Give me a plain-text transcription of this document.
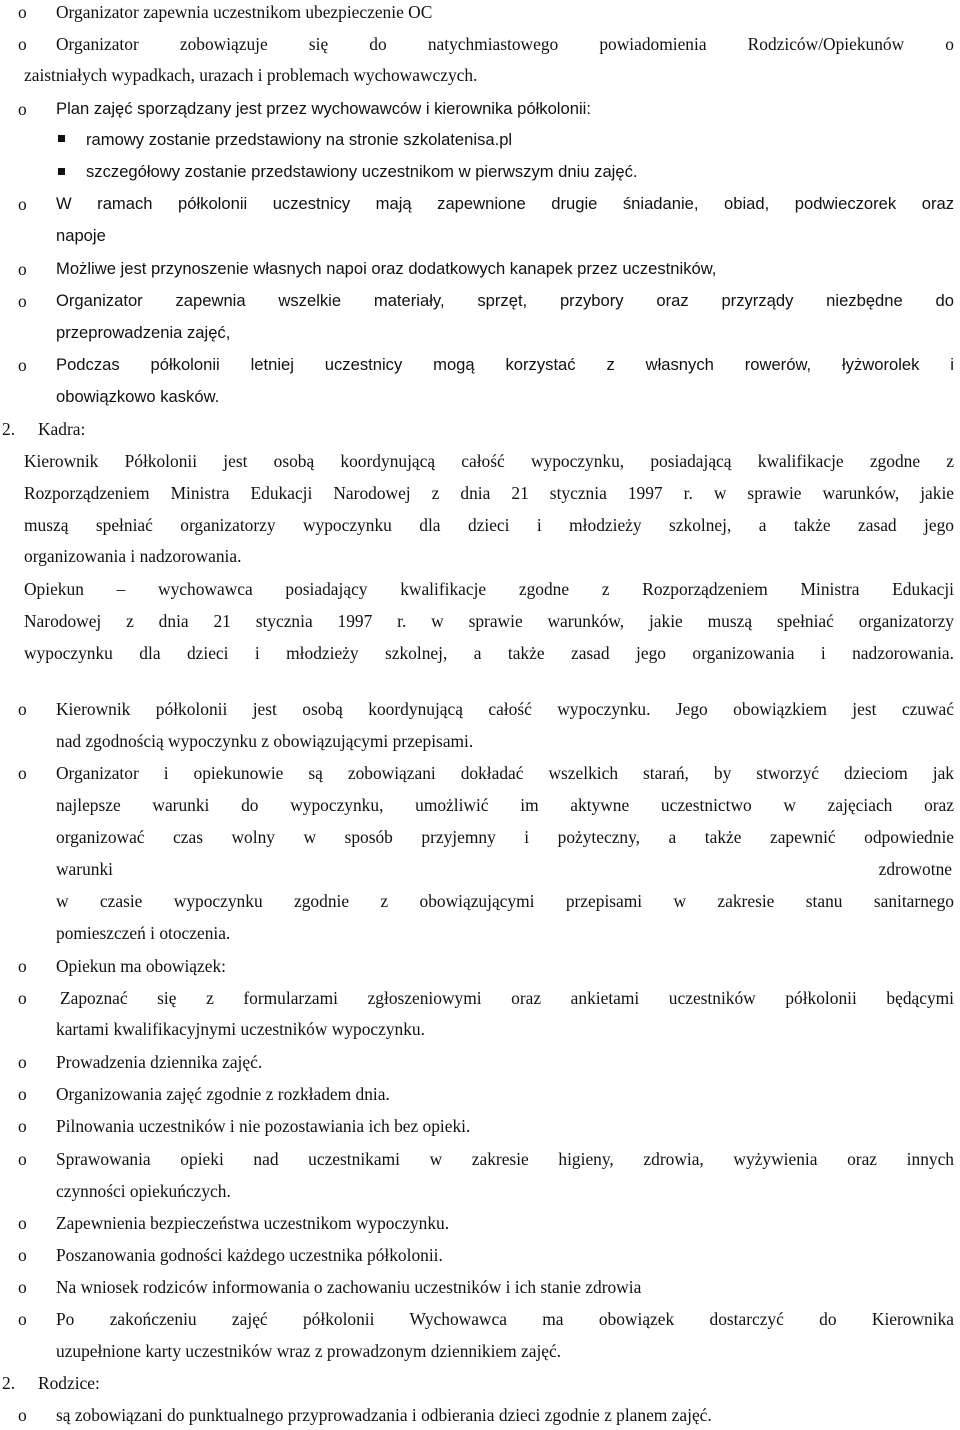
o Organizator zapewnia uczestnikom ubezpieczenie OC
o Organizator zobowiązuje się do natychmiastowego powiadomienia Rodziców/Opiekunów o
zaistniałych wypadkach, urazach i problemach wychowawczych.
o Plan zajęć sporządzany jest przez wychowawców i kierownika półkolonii:
ramowy zostanie przedstawiony na stronie szkolatenisa.pl
szczegółowy zostanie przedstawiony uczestnikom w pierwszym dniu zajęć.
o W ramach półkolonii uczestnicy mają zapewnione drugie śniadanie, obiad, podwieczorek oraz
napoje
o Możliwe jest przynoszenie własnych napoi oraz dodatkowych kanapek przez uczestników,
o Organizator zapewnia wszelkie materiały, sprzęt, przybory oraz przyrządy niezbędne do
przeprowadzenia zajęć,
o Podczas półkolonii letniej uczestnicy mogą korzystać z własnych rowerów, łyżworolek i
obowiązkowo kasków.
2. Kadra:
Kierownik Półkolonii jest osobą koordynującą całość wypoczynku, posiadającą kwalifikacje zgodne z
Rozporządzeniem Ministra Edukacji Narodowej z dnia 21 stycznia 1997 r. w sprawie warunków, jakie
muszą spełniać organizatorzy wypoczynku dla dzieci i młodzieży szkolnej, a także zasad jego
organizowania i nadzorowania.
Opiekun – wychowawca posiadający kwalifikacje zgodne z Rozporządzeniem Ministra Edukacji
Narodowej z dnia 21 stycznia 1997 r. w sprawie warunków, jakie muszą spełniać organizatorzy
wypoczynku dla dzieci i młodzieży szkolnej, a także zasad jego organizowania i nadzorowania.
o Kierownik półkolonii jest osobą koordynującą całość wypoczynku. Jego obowiązkiem jest czuwać
nad zgodnością wypoczynku z obowiązującymi przepisami.
o Organizator i opiekunowie są zobowiązani dokładać wszelkich starań, by stworzyć dzieciom jak
najlepsze warunki do wypoczynku, umożliwić im aktywne uczestnictwo w zajęciach oraz
organizować czas wolny w sposób przyjemny i pożyteczny, a także zapewnić odpowiednie
warunki	zdrowotne
w czasie wypoczynku zgodnie z obowiązującymi przepisami w zakresie stanu sanitarnego
pomieszczeń i otoczenia.
o Opiekun ma obowiązek:
o Zapoznać się z formularzami zgłoszeniowymi oraz ankietami uczestników półkolonii będącymi
kartami kwalifikacyjnymi uczestników wypoczynku.
o Prowadzenia dziennika zajęć.
o Organizowania zajęć zgodnie z rozkładem dnia.
o Pilnowania uczestników i nie pozostawiania ich bez opieki.
o Sprawowania opieki nad uczestnikami w zakresie higieny, zdrowia, wyżywienia oraz innych
czynności opiekuńczych.
o Zapewnienia bezpieczeństwa uczestnikom wypoczynku.
o Poszanowania godności każdego uczestnika półkolonii.
o Na wniosek rodziców informowania o zachowaniu uczestników i ich stanie zdrowia
o Po zakończeniu zajęć półkolonii Wychowawca ma obowiązek dostarczyć do Kierownika
uzupełnione karty uczestników wraz z prowadzonym dziennikiem zajęć.
2. Rodzice:
o są zobowiązani do punktualnego przyprowadzania i odbierania dzieci zgodnie z planem zajęć.
